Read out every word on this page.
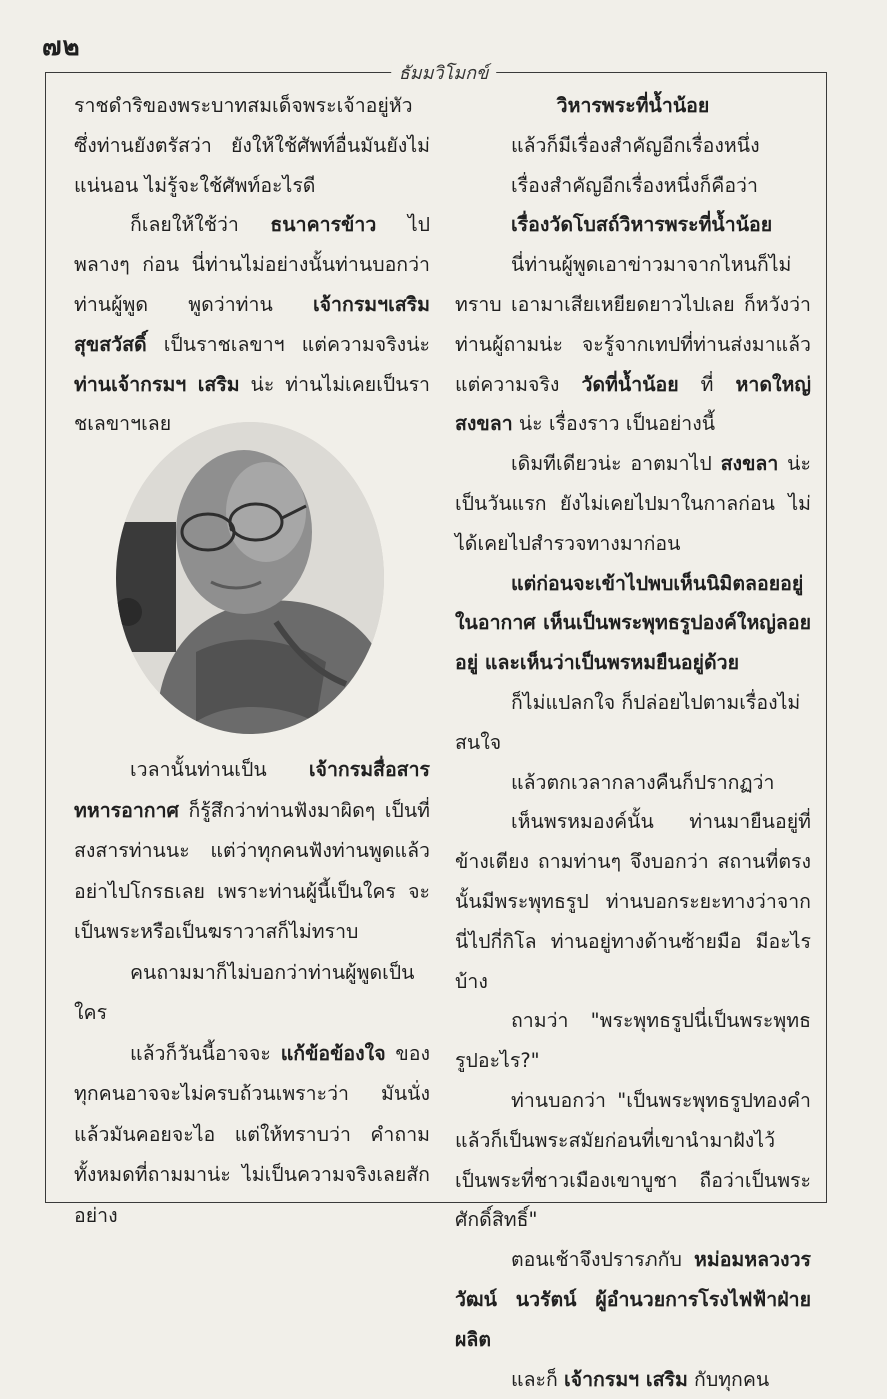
๗๒
ธัมมวิโมกข์

ราชดำริของพระบาทสมเด็จพระเจ้าอยู่หัว ซึ่งท่านยังตรัสว่า ยังให้ใช้ศัพท์อื่นมันยังไม่แน่นอน ไม่รู้จะใช้ศัพท์อะไรดี

ก็เลยให้ใช้ว่า ธนาคารข้าว ไปพลางๆ ก่อน นี่ท่านไม่อย่างนั้นท่านบอกว่า ท่านผู้พูด พูดว่าท่าน เจ้ากรมฯเสริม สุขสวัสดิ์ เป็นราชเลขาฯ แต่ความจริงน่ะ ท่านเจ้ากรมฯ เสริม น่ะ ท่านไม่เคยเป็นราชเลขาฯเลย

เวลานั้นท่านเป็น เจ้ากรมสื่อสารทหารอากาศ ก็รู้สึกว่าท่านฟังมาผิดๆ เป็นที่สงสารท่านนะ แต่ว่าทุกคนฟังท่านพูดแล้วอย่าไปโกรธเลย เพราะท่านผู้นี้เป็นใคร จะเป็นพระหรือเป็นฆราวาสก็ไม่ทราบ

คนถามมาก็ไม่บอกว่าท่านผู้พูดเป็นใคร

แล้วก็วันนี้อาจจะ แก้ข้อข้องใจ ของทุกคนอาจจะไม่ครบถ้วนเพราะว่า มันนั่งแล้วมันคอยจะไอ แต่ให้ทราบว่า คำถามทั้งหมดที่ถามมาน่ะ ไม่เป็นความจริงเลยสักอย่าง

วิหารพระที่น้ำน้อย

แล้วก็มีเรื่องสำคัญอีกเรื่องหนึ่ง

เรื่องสำคัญอีกเรื่องหนึ่งก็คือว่า

เรื่องวัดโบสถ์วิหารพระที่น้ำน้อย

นี่ท่านผู้พูดเอาข่าวมาจากไหนก็ไม่ทราบ เอามาเสียเหยียดยาวไปเลย ก็หวังว่าท่านผู้ถามน่ะ จะรู้จากเทปที่ท่านส่งมาแล้ว แต่ความจริง วัดที่น้ำน้อย ที่ หาดใหญ่ สงขลา น่ะ เรื่องราว เป็นอย่างนี้

เดิมทีเดียวน่ะ อาตมาไป สงขลา น่ะ เป็นวันแรก ยังไม่เคยไปมาในกาลก่อน ไม่ได้เคยไปสำรวจทางมาก่อน

แต่ก่อนจะเข้าไปพบเห็นนิมิตลอยอยู่ในอากาศ เห็นเป็นพระพุทธรูปองค์ใหญ่ลอยอยู่ และเห็นว่าเป็นพรหมยืนอยู่ด้วย

ก็ไม่แปลกใจ ก็ปล่อยไปตามเรื่องไม่สนใจ

แล้วตกเวลากลางคืนก็ปรากฏว่า

เห็นพรหมองค์นั้น ท่านมายืนอยู่ที่ข้างเตียง ถามท่านๆ จึงบอกว่า สถานที่ตรงนั้นมีพระพุทธรูป ท่านบอกระยะทางว่าจากนี่ไปกี่กิโล ท่านอยู่ทางด้านซ้ายมือ มีอะไรบ้าง

ถามว่า "พระพุทธรูปนี่เป็นพระพุทธรูปอะไร?"

ท่านบอกว่า "เป็นพระพุทธรูปทองคำ แล้วก็เป็นพระสมัยก่อนที่เขานำมาฝังไว้ เป็นพระที่ชาวเมืองเขาบูชา ถือว่าเป็นพระศักดิ์สิทธิ์"

ตอนเช้าจึงปรารภกับ หม่อมหลวงวรวัฒน์ นวรัตน์ ผู้อำนวยการโรงไฟฟ้าฝ่ายผลิต

และก็ เจ้ากรมฯ เสริม กับทุกคน
